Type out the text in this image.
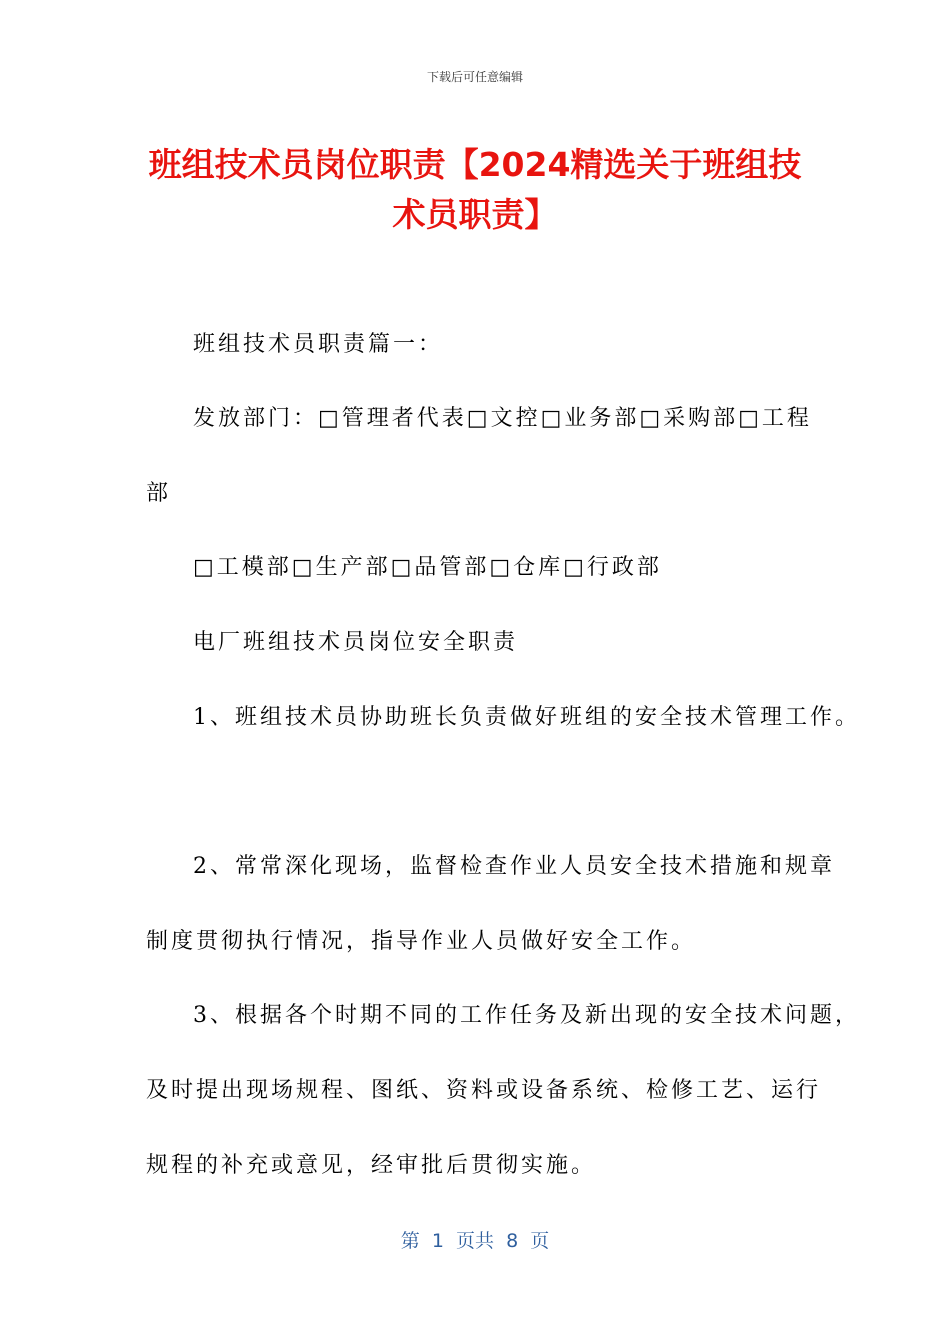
下载后可任意编辑
班组技术员岗位职责【2024精选关于班组技术员职责】
班组技术员职责篇一：
发放部门：□管理者代表□文控□业务部□采购部□工程
部
□工模部□生产部□品管部□仓库□行政部
电厂班组技术员岗位安全职责
1、班组技术员协助班长负责做好班组的安全技术管理工作。
2、常常深化现场，监督检查作业人员安全技术措施和规章
制度贯彻执行情况，指导作业人员做好安全工作。
3、根据各个时期不同的工作任务及新出现的安全技术问题，
及时提出现场规程、图纸、资料或设备系统、检修工艺、运行
规程的补充或意见，经审批后贯彻实施。
第  1  页共  8  页
